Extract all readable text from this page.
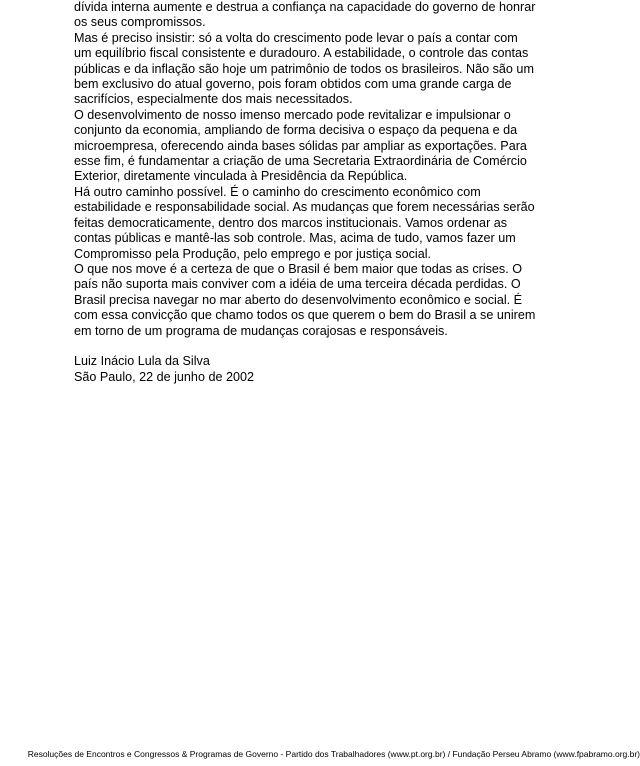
dívida interna aumente e destrua a confiança na capacidade do governo de honrar

os seus compromissos.

Mas é preciso insistir: só a volta do crescimento pode levar o país a contar com

um equilíbrio fiscal consistente e duradouro. A estabilidade, o controle das contas

públicas e da inflação são hoje um patrimônio de todos os brasileiros. Não são um

bem exclusivo do atual governo, pois foram obtidos com uma grande carga de

sacrifícios, especialmente dos mais necessitados.

O desenvolvimento de nosso imenso mercado pode revitalizar e impulsionar o

conjunto da economia, ampliando de forma decisiva o espaço da pequena e da

microempresa, oferecendo ainda bases sólidas par ampliar as exportações. Para

esse fim, é fundamentar a criação de uma Secretaria Extraordinária de Comércio

Exterior, diretamente vinculada à Presidência da República.

Há outro caminho possível. É o caminho do crescimento econômico com

estabilidade e responsabilidade social. As mudanças que forem necessárias serão

feitas democraticamente, dentro dos marcos institucionais. Vamos ordenar as

contas públicas e mantê-las sob controle. Mas, acima de tudo, vamos fazer um

Compromisso pela Produção, pelo emprego e por justiça social.

O que nos move é a certeza de que o Brasil é bem maior que todas as crises. O

país não suporta mais conviver com a idéia de uma terceira década perdidas. O

Brasil precisa navegar no mar aberto do desenvolvimento econômico e social. É

com essa convicção que chamo todos os que querem o bem do Brasil a se unirem

em torno de um programa de mudanças corajosas e responsáveis.

Luiz Inácio Lula da Silva
São Paulo, 22 de junho de 2002
Resoluções de Encontros e Congressos & Programas de Governo - Partido dos Trabalhadores (www.pt.org.br) / Fundação Perseu Abramo (www.fpabramo.org.br)
